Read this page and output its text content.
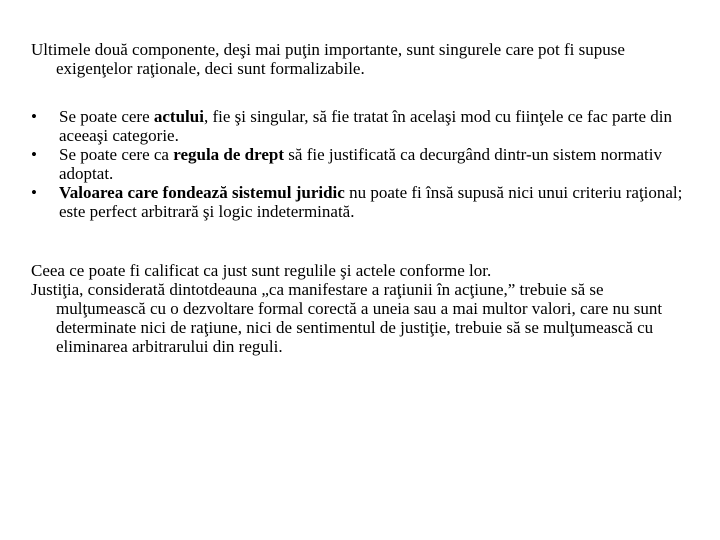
Ultimele două componente, deşi mai puţin importante, sunt singurele care pot fi supuse exigenţelor raţionale, deci sunt formalizabile.

•	Se poate cere actului, fie şi singular, să fie tratat în acelaşi mod cu fiinţele ce fac parte din aceeaşi categorie.
•	Se poate cere ca regula de drept să fie justificată ca decurgând dintr-un sistem normativ adoptat.
•	Valoarea care fondează sistemul juridic nu poate fi însă supusă nici unui criteriu raţional; este perfect arbitrară şi logic indeterminată.

Ceea ce poate fi calificat ca just sunt regulile şi actele conforme lor.

Justiţia, considerată dintotdeauna „ca manifestare a raţiunii în acţiune,” trebuie să se mulţumească cu o dezvoltare formal corectă a uneia sau a mai multor valori, care nu sunt determinate nici de raţiune, nici de sentimentul de justiţie, trebuie să se mulţumească cu eliminarea arbitrarului din reguli.
